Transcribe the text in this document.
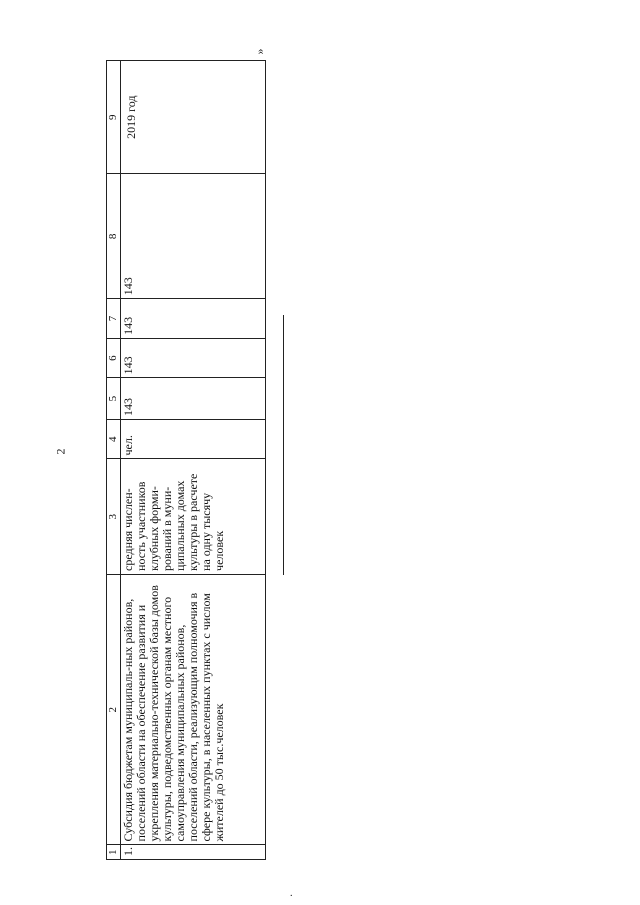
2
»
.
1	2	3	4	5	6	7	8	9
1.	Субсидия бюджетам муниципаль-ных районов, поселений области на обеспечение развития и укрепления материально-технической базы домов культуры, подведомственных органам местного самоуправления муниципальных районов, поселений области, реализующим полномочия в сфере культуры, в населенных пунктах с числом жителей до 50 тыс.человек	средняя числен-ность участников клубных форми-рований в муни-ципальных домах культуры в расчете на одну тысячу человек	чел.	143	143	143	143	2019 год
